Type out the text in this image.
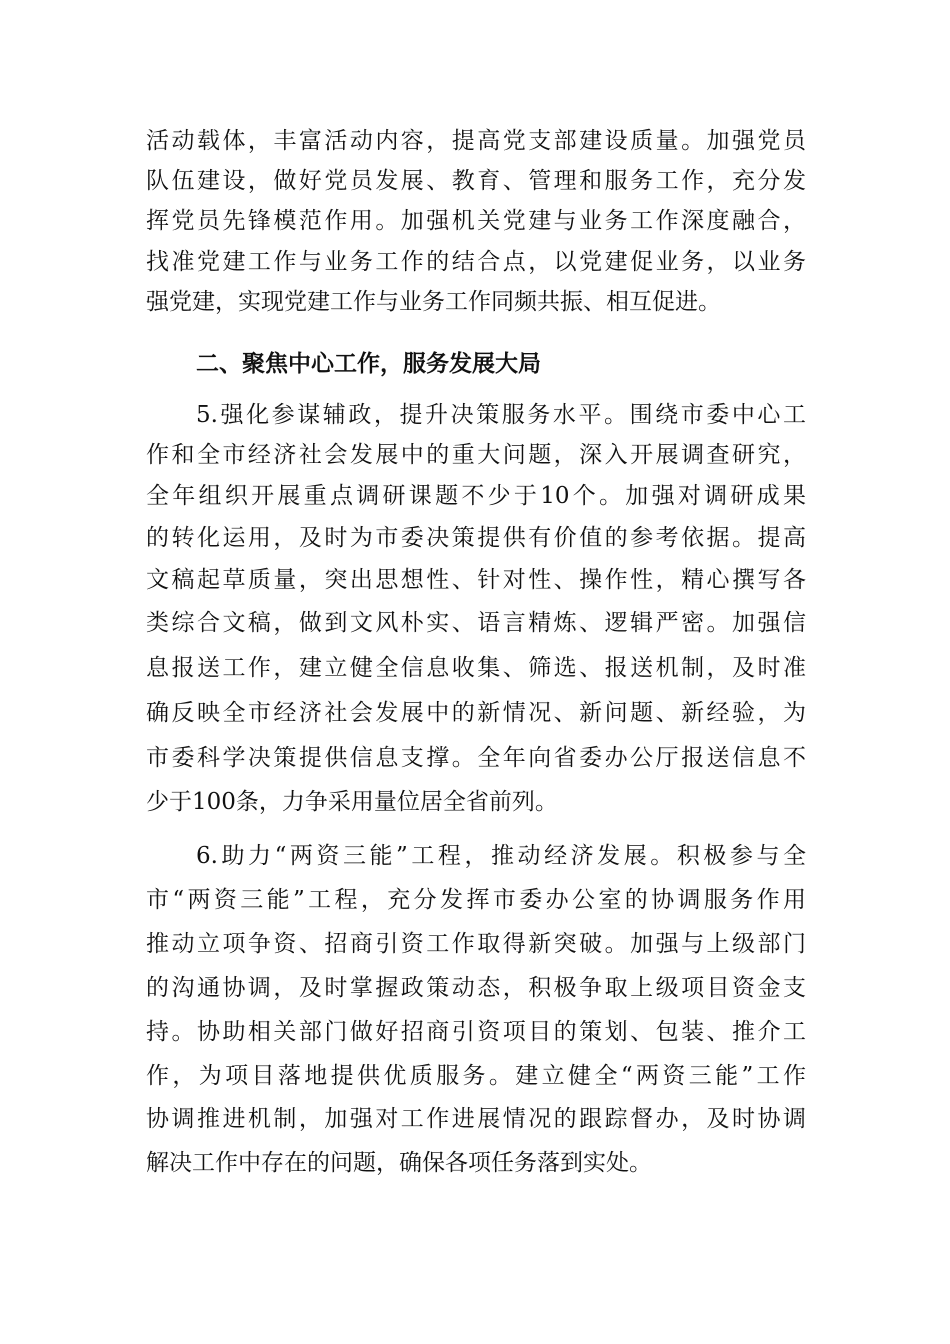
活动载体，丰富活动内容，提高党支部建设质量。加强党员
队伍建设，做好党员发展、教育、管理和服务工作，充分发
挥党员先锋模范作用。加强机关党建与业务工作深度融合，
找准党建工作与业务工作的结合点，以党建促业务，以业务
强党建，实现党建工作与业务工作同频共振、相互促进。
二、聚焦中心工作，服务发展大局
5.强化参谋辅政，提升决策服务水平。围绕市委中心工
作和全市经济社会发展中的重大问题，深入开展调查研究，
全年组织开展重点调研课题不少于10个。加强对调研成果
的转化运用，及时为市委决策提供有价值的参考依据。提高
文稿起草质量，突出思想性、针对性、操作性，精心撰写各
类综合文稿，做到文风朴实、语言精炼、逻辑严密。加强信
息报送工作，建立健全信息收集、筛选、报送机制，及时准
确反映全市经济社会发展中的新情况、新问题、新经验，为
市委科学决策提供信息支撑。全年向省委办公厅报送信息不
少于100条，力争采用量位居全省前列。
6.助力“两资三能”工程，推动经济发展。积极参与全
市“两资三能”工程，充分发挥市委办公室的协调服务作用
推动立项争资、招商引资工作取得新突破。加强与上级部门
的沟通协调，及时掌握政策动态，积极争取上级项目资金支
持。协助相关部门做好招商引资项目的策划、包装、推介工
作，为项目落地提供优质服务。建立健全“两资三能”工作
协调推进机制，加强对工作进展情况的跟踪督办，及时协调
解决工作中存在的问题，确保各项任务落到实处。
